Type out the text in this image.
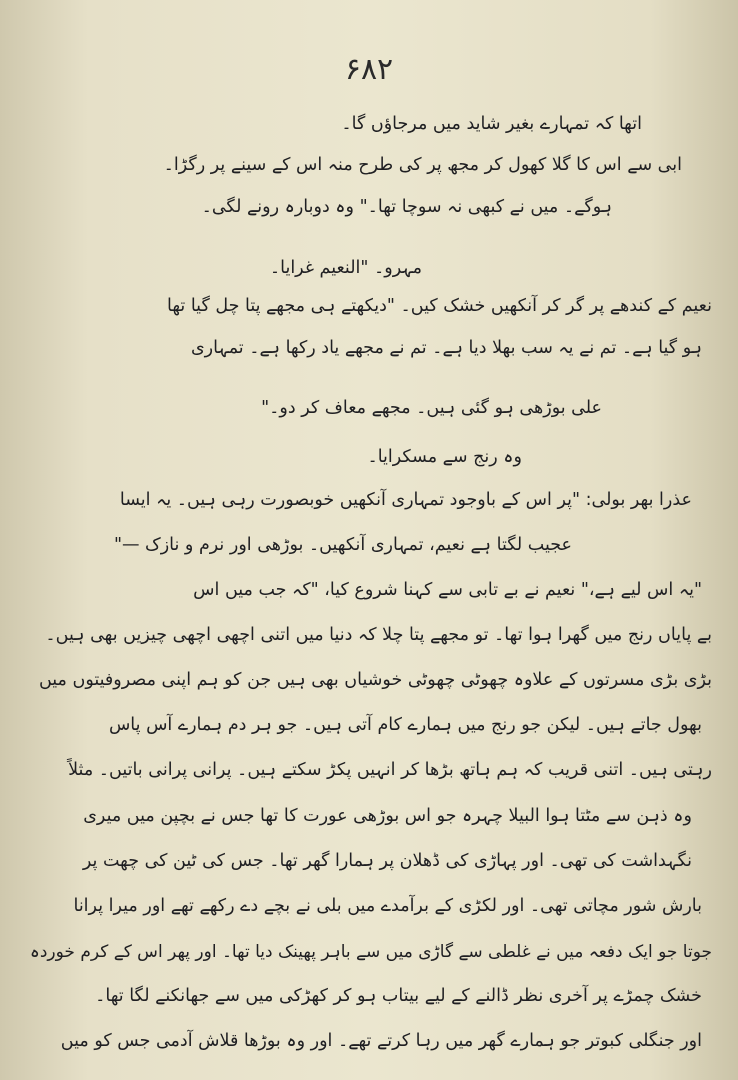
۶۸۲
اتھا کہ تمہارے بغیر شاید میں مرجاؤں گا۔
ابی سے اس کا گلا کھول کر مجھ پر کی طرح منہ اس کے سینے پر رگڑا۔
ہوگے۔ میں نے کبھی نہ سوچا تھا۔" وہ دوبارہ رونے لگی۔
مہرو۔ "النعیم غرایا۔
نعیم کے کندھے پر گر کر آنکھیں خشک کیں۔ "دیکھتے ہی مجھے پتا چل گیا تھا
ہو گیا ہے۔ تم نے یہ سب بھلا دیا ہے۔ تم نے مجھے یاد رکھا ہے۔ تمہاری
علی بوڑھی ہو گئی ہیں۔ مجھے معاف کر دو۔"
وہ رنج سے مسکرایا۔
عذرا بھر بولی: "پر اس کے باوجود تمہاری آنکھیں خوبصورت رہی ہیں۔ یہ ایسا
عجیب لگتا ہے نعیم، تمہاری آنکھیں۔ بوڑھی اور نرم و نازک —"
"یہ اس لیے ہے،" نعیم نے بے تابی سے کہنا شروع کیا، "کہ جب میں اس
بے پایاں رنج میں گھرا ہوا تھا۔ تو مجھے پتا چلا کہ دنیا میں اتنی اچھی اچھی چیزیں بھی ہیں۔
بڑی بڑی مسرتوں کے علاوہ چھوٹی چھوٹی خوشیاں بھی ہیں جن کو ہم اپنی مصروفیتوں میں
بھول جاتے ہیں۔ لیکن جو رنج میں ہمارے کام آتی ہیں۔ جو ہر دم ہمارے آس پاس
رہتی ہیں۔ اتنی قریب کہ ہم ہاتھ بڑھا کر انہیں پکڑ سکتے ہیں۔ پرانی پرانی باتیں۔ مثلاً
وہ ذہن سے مٹتا ہوا البیلا چہرہ جو اس بوڑھی عورت کا تھا جس نے بچپن میں میری
نگہداشت کی تھی۔ اور پہاڑی کی ڈھلان پر ہمارا گھر تھا۔ جس کی ٹین کی چھت پر
بارش شور مچاتی تھی۔ اور لکڑی کے برآمدے میں بلی نے بچے دے رکھے تھے اور میرا پرانا
جوتا جو ایک دفعہ میں نے غلطی سے گاڑی میں سے باہر پھینک دیا تھا۔ اور پھر اس کے کرم خوردہ
خشک چمڑے پر آخری نظر ڈالنے کے لیے بیتاب ہو کر کھڑکی میں سے جھانکنے لگا تھا۔
اور جنگلی کبوتر جو ہمارے گھر میں رہا کرتے تھے۔ اور وہ بوڑھا قلاش آدمی جس کو میں
